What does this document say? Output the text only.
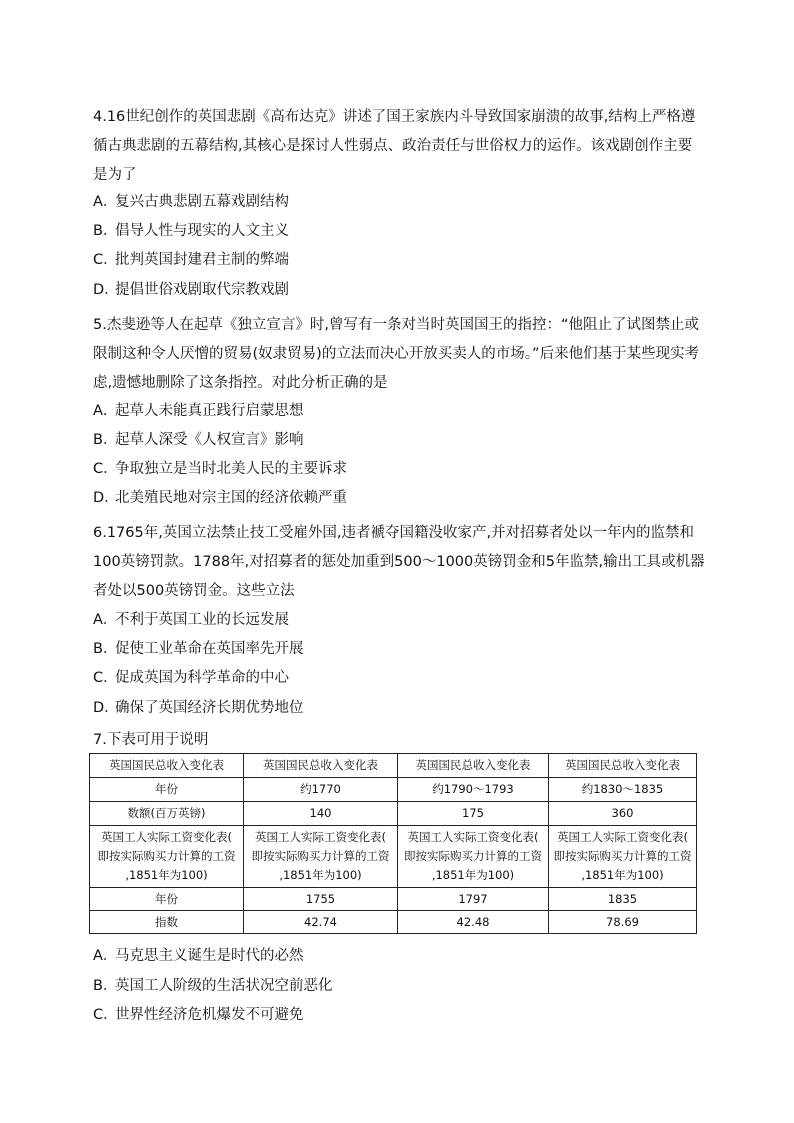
4.16世纪创作的英国悲剧《高布达克》讲述了国王家族内斗导致国家崩溃的故事,结构上严格遵循古典悲剧的五幕结构,其核心是探讨人性弱点、政治责任与世俗权力的运作。该戏剧创作主要是为了
A．复兴古典悲剧五幕戏剧结构
B．倡导人性与现实的人文主义
C．批判英国封建君主制的弊端
D．提倡世俗戏剧取代宗教戏剧
5.杰斐逊等人在起草《独立宣言》时,曾写有一条对当时英国国王的指控：“他阻止了试图禁止或限制这种令人厌憎的贸易(奴隶贸易)的立法而决心开放买卖人的市场。”后来他们基于某些现实考虑,遗憾地删除了这条指控。对此分析正确的是
A．起草人未能真正践行启蒙思想
B．起草人深受《人权宣言》影响
C．争取独立是当时北美人民的主要诉求
D．北美殖民地对宗主国的经济依赖严重
6.1765年,英国立法禁止技工受雇外国,违者褫夺国籍没收家产,并对招募者处以一年内的监禁和100英镑罚款。1788年,对招募者的惩处加重到500～1000英镑罚金和5年监禁,输出工具或机器者处以500英镑罚金。这些立法
A．不利于英国工业的长远发展
B．促使工业革命在英国率先开展
C．促成英国为科学革命的中心
D．确保了英国经济长期优势地位
7.下表可用于说明
英国国民总收入变化表	英国国民总收入变化表	英国国民总收入变化表	英国国民总收入变化表
年份	约1770	约1790～1793	约1830～1835
数额(百万英镑)	140	175	360

英国工人实际工资变化表(
即按实际购买力计算的工资
,1851年为100)	英国工人实际工资变化表(
即按实际购买力计算的工资
,1851年为100)	英国工人实际工资变化表(
即按实际购买力计算的工资
,1851年为100)	英国工人实际工资变化表(
即按实际购买力计算的工资
,1851年为100)

年份	1755	1797	1835
指数	42.74	42.48	78.69
A．马克思主义诞生是时代的必然
B．英国工人阶级的生活状况空前恶化
C．世界性经济危机爆发不可避免
